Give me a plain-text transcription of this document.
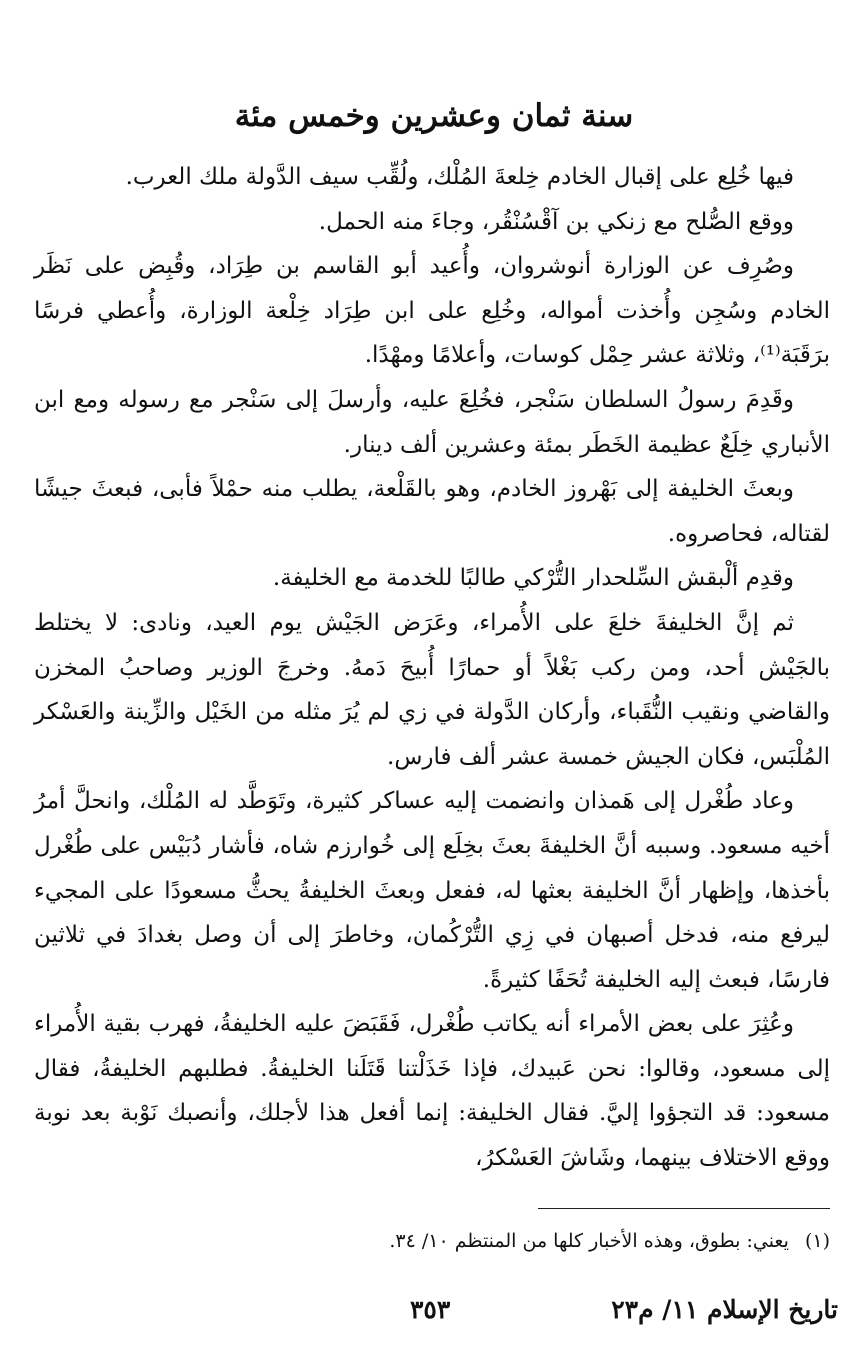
سنة ثمان وعشرين وخمس مئة

فيها خُلِع على إقبال الخادم خِلعةَ المُلْك، ولُقِّب سيف الدَّولة ملك العرب.

ووقع الصُّلح مع زنكي بن آقْسُنْقُر، وجاءَ منه الحمل.

وصُرِف عن الوزارة أنوشروان، وأُعيد أبو القاسم بن طِرَاد، وقُبِض على نَظَر الخادم وسُجِن وأُخذت أمواله، وخُلِع على ابن طِرَاد خِلْعة الوزارة، وأُعطي فرسًا برَقَبَة⁽¹⁾، وثلاثة عشر حِمْل كوسات، وأعلامًا ومهْدًا.

وقَدِمَ رسولُ السلطان سَنْجر، فخُلِعَ عليه، وأرسلَ إلى سَنْجر مع رسوله ومع ابن الأنباري خِلَعٌ عظيمة الخَطَر بمئة وعشرين ألف دينار.

وبعثَ الخليفة إلى بَهْروز الخادم، وهو بالقَلْعة، يطلب منه حمْلاً فأبى، فبعثَ جيشًا لقتاله، فحاصروه.

وقدِم ألْبقش السِّلحدار التُّرْكي طالبًا للخدمة مع الخليفة.

ثم إنَّ الخليفةَ خلعَ على الأُمراء، وعَرَض الجَيْش يوم العيد، ونادى: لا يختلط بالجَيْش أحد، ومن ركب بَغْلاً أو حمارًا أُبيحَ دَمهُ. وخرجَ الوزير وصاحبُ المخزن والقاضي ونقيب النُّقَباء، وأركان الدَّولة في زي لم يُرَ مثله من الخَيْل والزِّينة والعَسْكر المُلْبَس، فكان الجيش خمسة عشر ألف فارس.

وعاد طُغْرل إلى هَمذان وانضمت إليه عساكر كثيرة، وتَوَطَّد له المُلْك، وانحلَّ أمرُ أخيه مسعود. وسببه أنَّ الخليفةَ بعثَ بخِلَع إلى خُوارزم شاه، فأشار دُبَيْس على طُغْرل بأخذها، وإظهار أنَّ الخليفة بعثها له، ففعل وبعثَ الخليفةُ يحثُّ مسعودًا على المجيء ليرفع منه، فدخل أصبهان في زِي التُّرْكُمان، وخاطرَ إلى أن وصل بغدادَ في ثلاثين فارسًا، فبعث إليه الخليفة تُحَفًا كثيرةً.

وعُثِرَ على بعض الأمراء أنه يكاتب طُغْرل، فَقَبَضَ عليه الخليفةُ، فهرب بقية الأُمراء إلى مسعود، وقالوا: نحن عَبيدك، فإذا خَذَلْتنا قَتَلَنا الخليفةُ. فطلبهم الخليفةُ، فقال مسعود: قد التجؤوا إليَّ. فقال الخليفة: إنما أفعل هذا لأجلك، وأنصبك نَوْبة بعد نوبة ووقع الاختلاف بينهما، وشَاشَ العَسْكرُ،

(١) يعني: بطوق، وهذه الأخبار كلها من المنتظم ١٠/ ٣٤.
تاريخ الإسلام ١١/ م٢٣
٣٥٣
